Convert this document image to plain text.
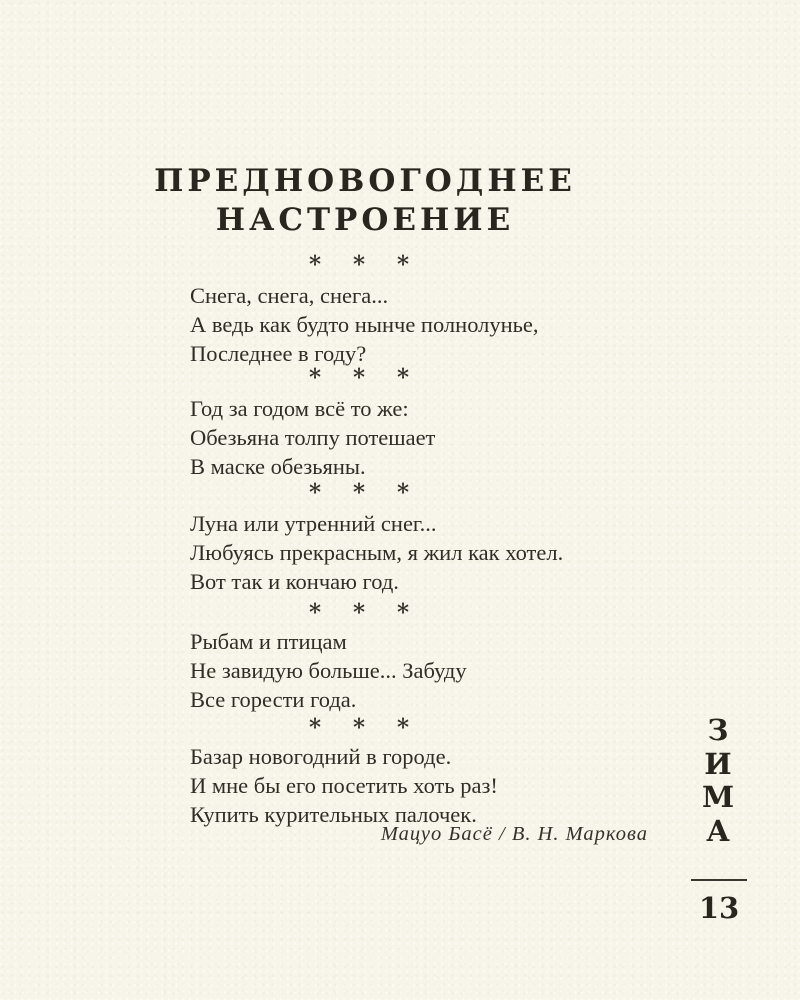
ПРЕДНОВОГОДНЕЕ
НАСТРОЕНИЕ
* * *
Снега, снега, снега...
А ведь как будто нынче полнолунье,
Последнее в году?
* * *
Год за годом всё то же:
Обезьяна толпу потешает
В маске обезьяны.
* * *
Луна или утренний снег...
Любуясь прекрасным, я жил как хотел.
Вот так и кончаю год.
* * *
Рыбам и птицам
Не завидую больше... Забуду
Все горести года.
* * *
Базар новогодний в городе.
И мне бы его посетить хоть раз!
Купить курительных палочек.
Мацуо Басё / В. Н. Маркова
З
И
М
А
13
